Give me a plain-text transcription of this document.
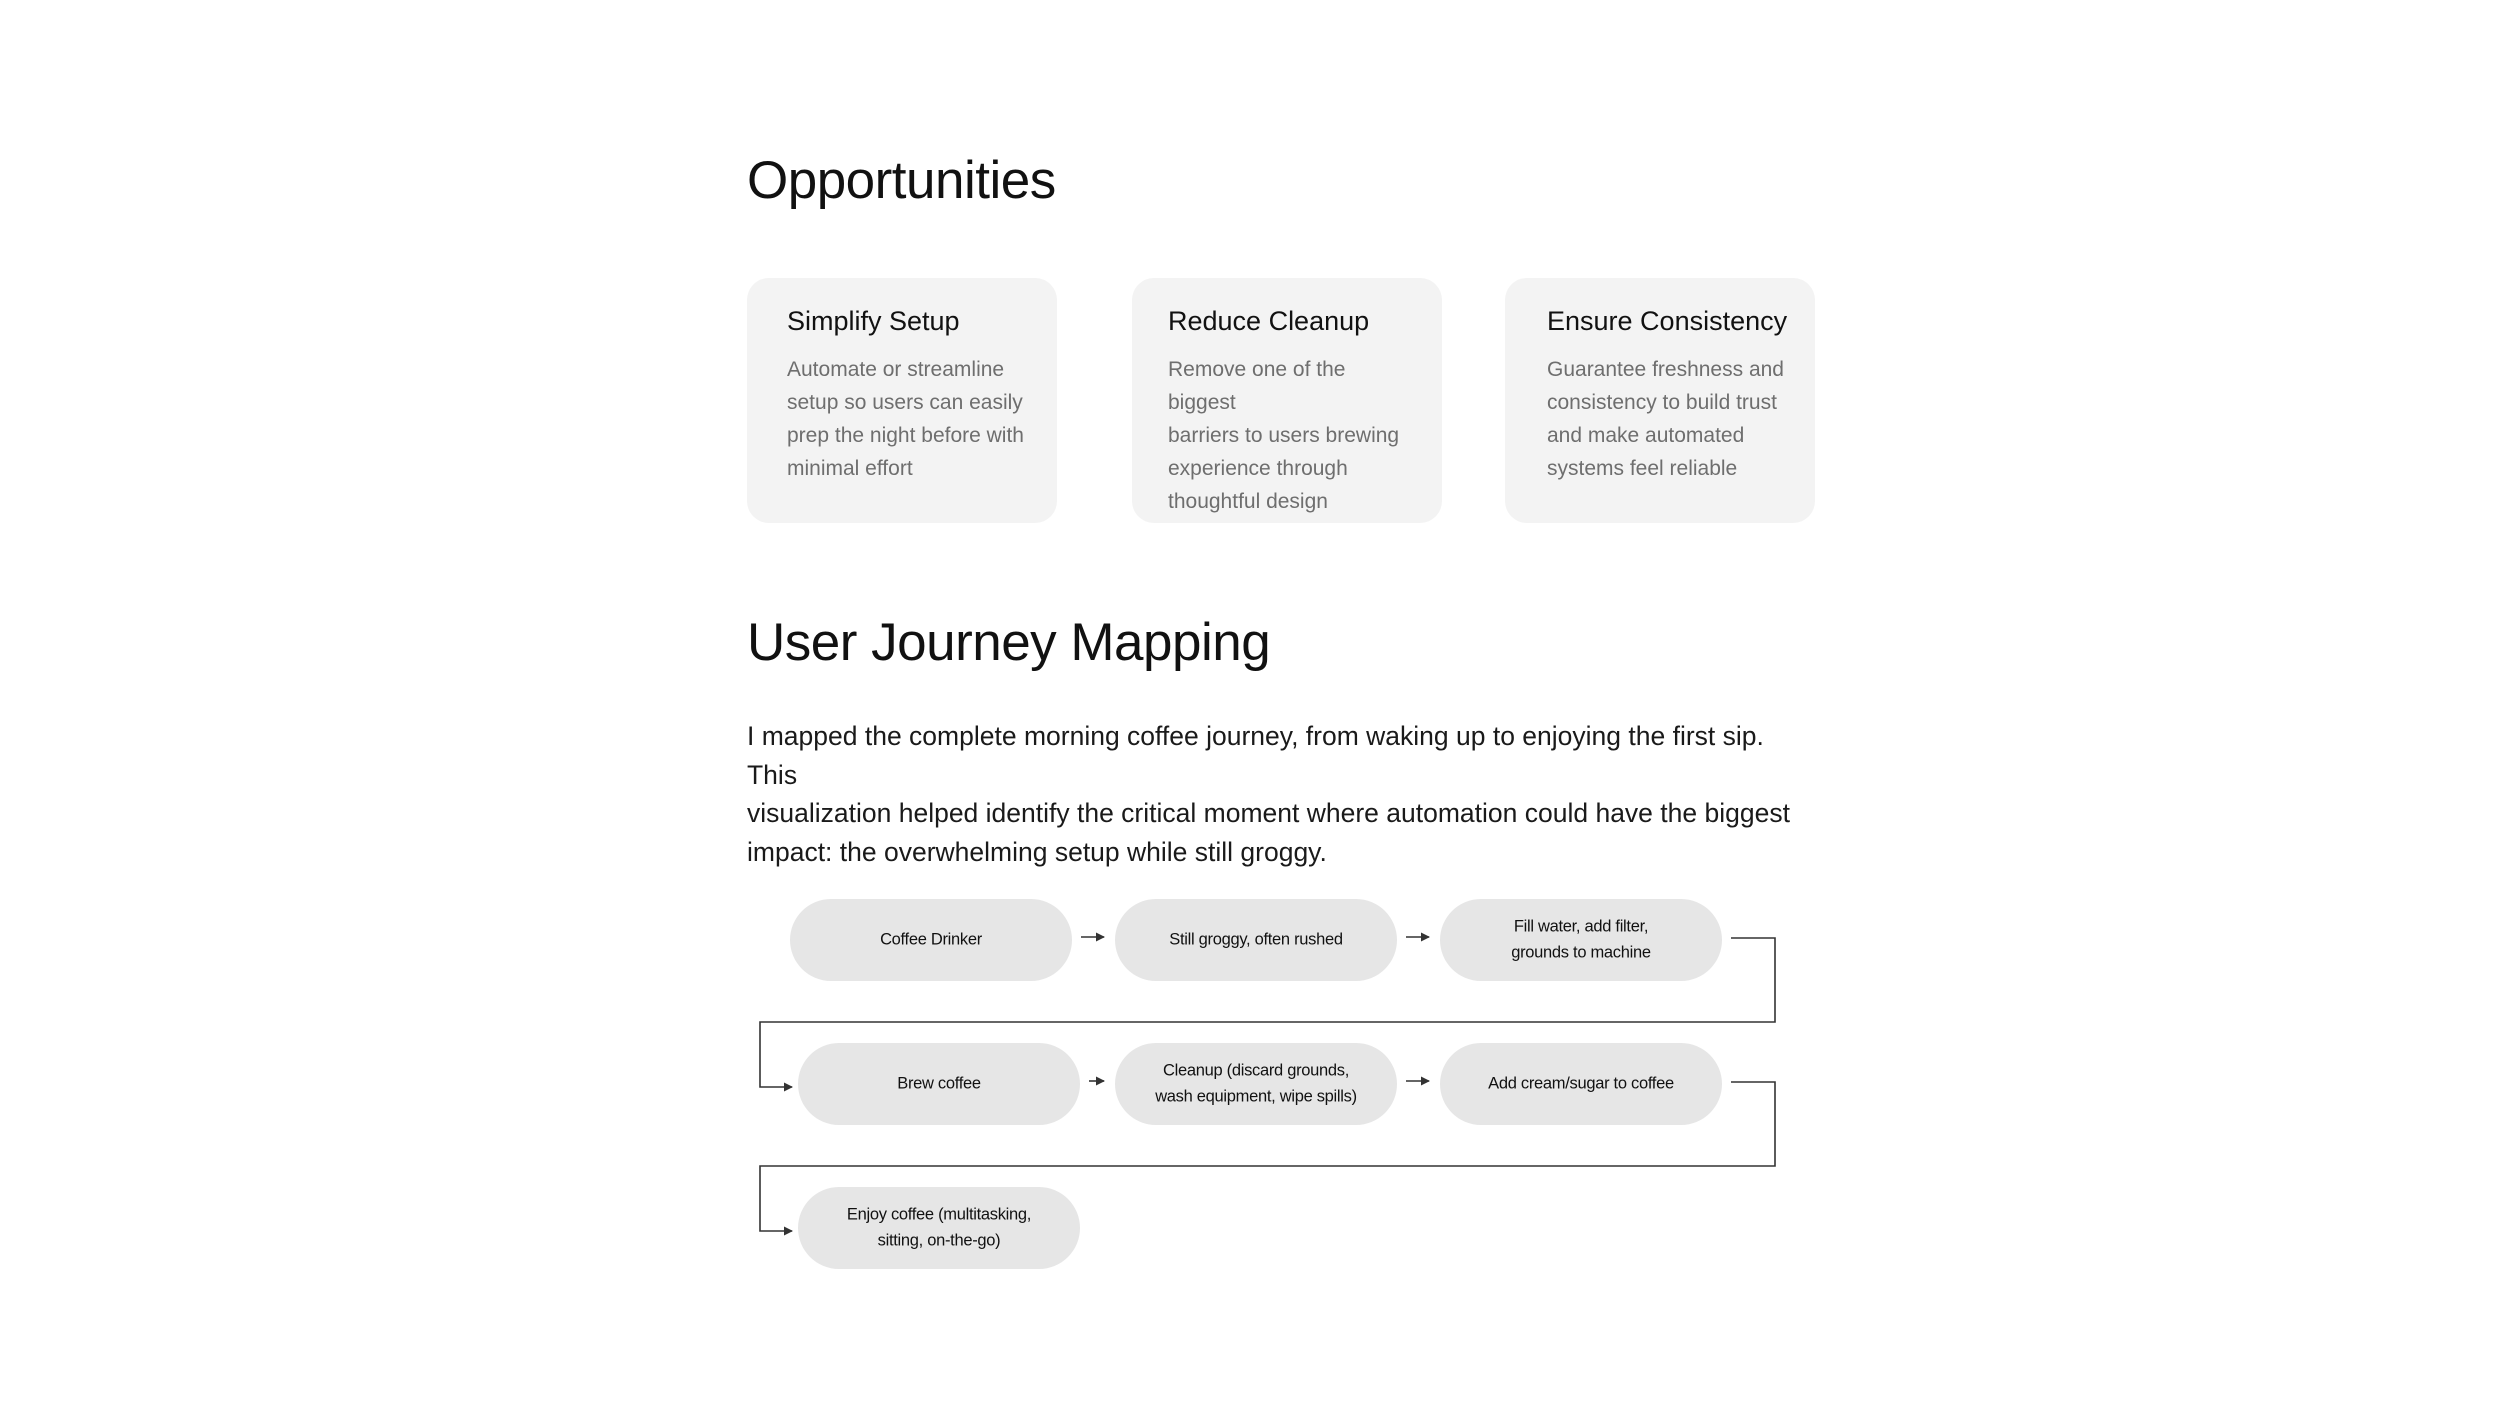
Opportunities
Simplify Setup

Automate or streamline
setup so users can easily
prep the night before with
minimal effort

Reduce Cleanup

Remove one of the biggest
barriers to users brewing
experience through
thoughtful design

Ensure Consistency

Guarantee freshness and
consistency to build trust
and make automated
systems feel reliable

User Journey Mapping

I mapped the complete morning coffee journey, from waking up to enjoying the first sip. This
visualization helped identify the critical moment where automation could have the biggest
impact: the overwhelming setup while still groggy.

Coffee Drinker	Still groggy, often rushed
Fill water, add filter,
grounds to machine
Brew coffee
Cleanup (discard grounds,
wash equipment, wipe spills)
Add cream/sugar to coffee
Enjoy coffee (multitasking,
sitting, on-the-go)
